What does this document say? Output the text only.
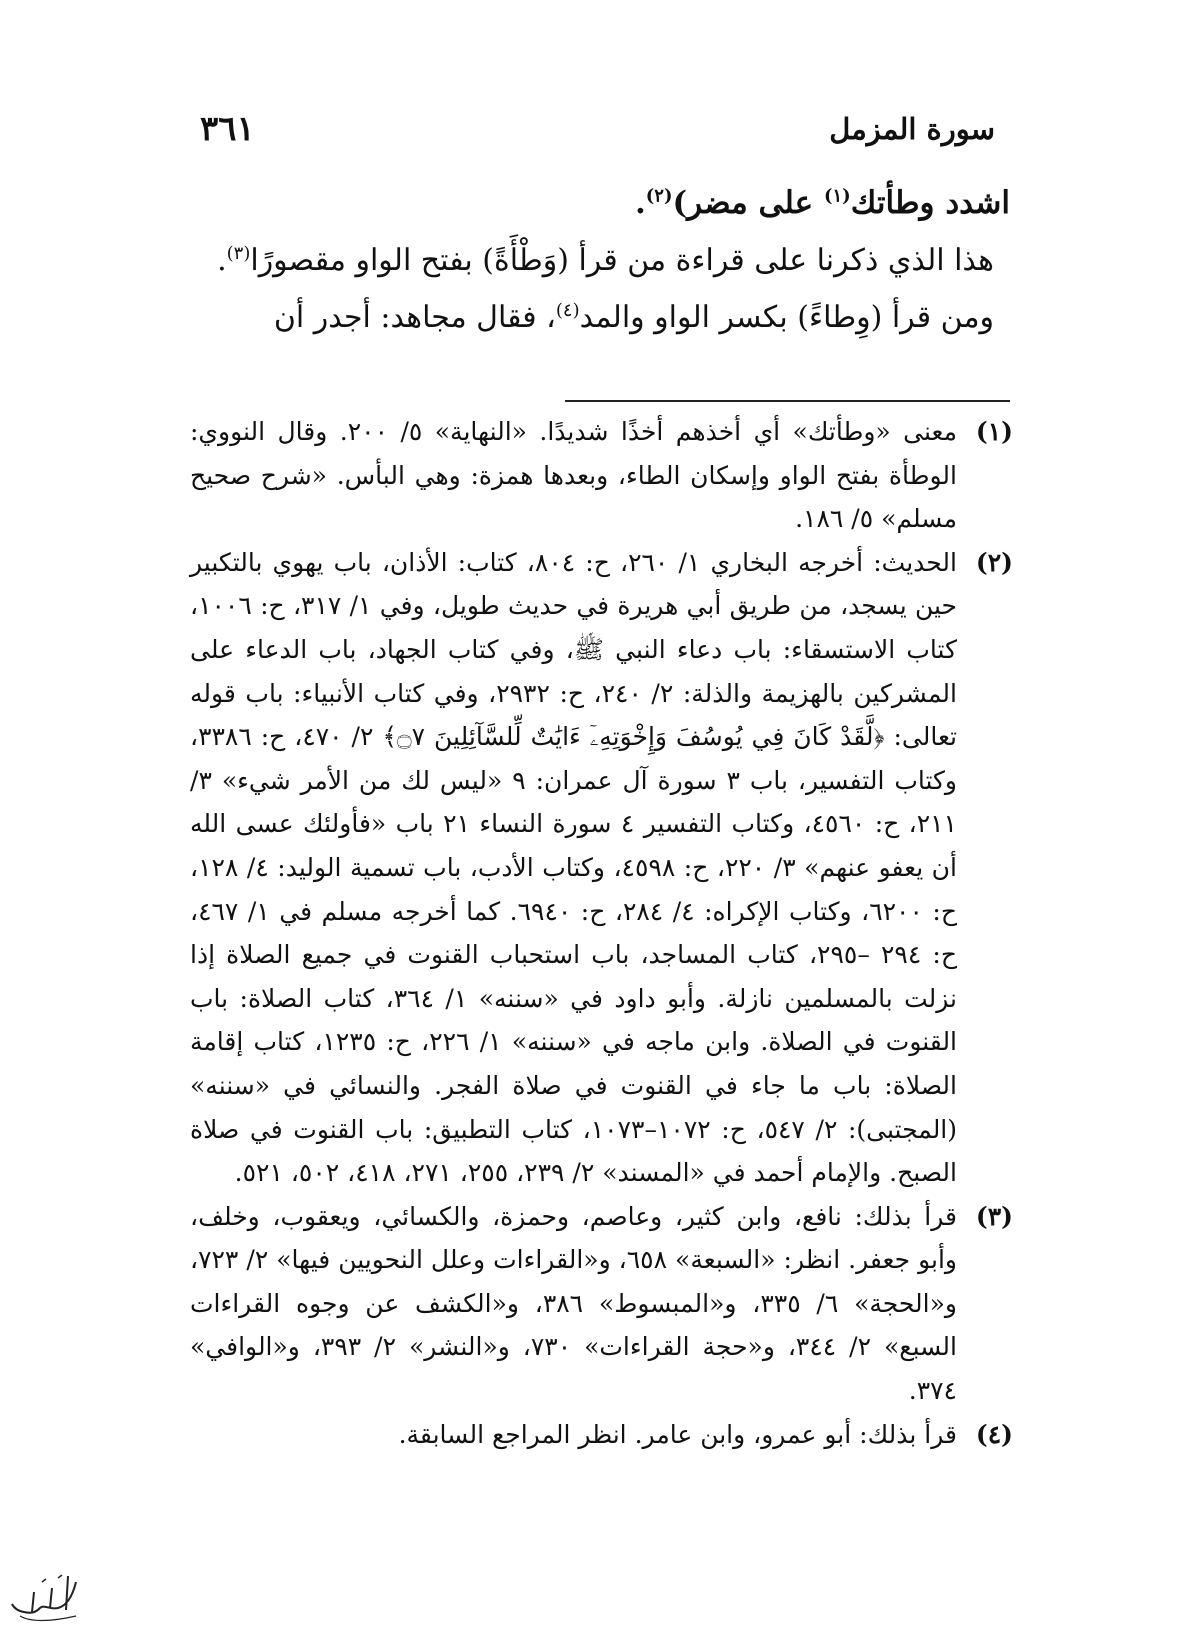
سورة المزمل
٣٦١

اشدد وطأتك$^{(١)}$ على مضر)$^{(٢)}$.

هذا الذي ذكرنا على قراءة من قرأ (وَطْأَةً) بفتح الواو مقصورًا$^{(٣)}$.

ومن قرأ (وِطاءً) بكسر الواو والمد$^{(٤)}$، فقال مجاهد: أجدر أن

(١)
معنى «وطأتك» أي أخذهم أخذًا شديدًا. «النهاية» ٥/ ٢٠٠. وقال النووي: الوطأة بفتح الواو وإسكان الطاء، وبعدها همزة: وهي البأس. «شرح صحيح مسلم» ٥/ ١٨٦.
(٢)
الحديث: أخرجه البخاري ١/ ٢٦٠، ح: ٨٠٤، كتاب: الأذان، باب يهوي بالتكبير حين يسجد، من طريق أبي هريرة في حديث طويل، وفي ١/ ٣١٧، ح: ١٠٠٦، كتاب الاستسقاء: باب دعاء النبي ﷺ، وفي كتاب الجهاد، باب الدعاء على المشركين بالهزيمة والذلة: ٢/ ٢٤٠، ح: ٢٩٣٢، وفي كتاب الأنبياء: باب قوله تعالى: ﴿لَّقَدْ كَانَ فِي يُوسُفَ وَإِخْوَتِهِۦٓ ءَايَٰتٌ لِّلسَّآئِلِينَ ۝٧﴾ ٢/ ٤٧٠، ح: ٣٣٨٦، وكتاب التفسير، باب ٣ سورة آل عمران: ٩ «ليس لك من الأمر شيء» ٣/ ٢١١، ح: ٤٥٦٠، وكتاب التفسير ٤ سورة النساء ٢١ باب «فأولئك عسى الله أن يعفو عنهم» ٣/ ٢٢٠، ح: ٤٥٩٨، وكتاب الأدب، باب تسمية الوليد: ٤/ ١٢٨، ح: ٦٢٠٠، وكتاب الإكراه: ٤/ ٢٨٤، ح: ٦٩٤٠. كما أخرجه مسلم في ١/ ٤٦٧، ح: ٢٩٤ –٢٩٥، كتاب المساجد، باب استحباب القنوت في جميع الصلاة إذا نزلت بالمسلمين نازلة. وأبو داود في «سننه» ١/ ٣٦٤، كتاب الصلاة: باب القنوت في الصلاة. وابن ماجه في «سننه» ١/ ٢٢٦، ح: ١٢٣٥، كتاب إقامة الصلاة: باب ما جاء في القنوت في صلاة الفجر. والنسائي في «سننه» (المجتبى): ٢/ ٥٤٧، ح: ١٠٧٢–١٠٧٣، كتاب التطبيق: باب القنوت في صلاة الصبح. والإمام أحمد في «المسند» ٢/ ٢٣٩، ٢٥٥، ٢٧١، ٤١٨، ٥٠٢، ٥٢١.
(٣)
قرأ بذلك: نافع، وابن كثير، وعاصم، وحمزة، والكسائي، ويعقوب، وخلف، وأبو جعفر. انظر: «السبعة» ٦٥٨، و«القراءات وعلل النحويين فيها» ٢/ ٧٢٣، و«الحجة» ٦/ ٣٣٥، و«المبسوط» ٣٨٦، و«الكشف عن وجوه القراءات السبع» ٢/ ٣٤٤، و«حجة القراءات» ٧٣٠، و«النشر» ٢/ ٣٩٣، و«الوافي» ٣٧٤.
(٤)
قرأ بذلك: أبو عمرو، وابن عامر. انظر المراجع السابقة.
